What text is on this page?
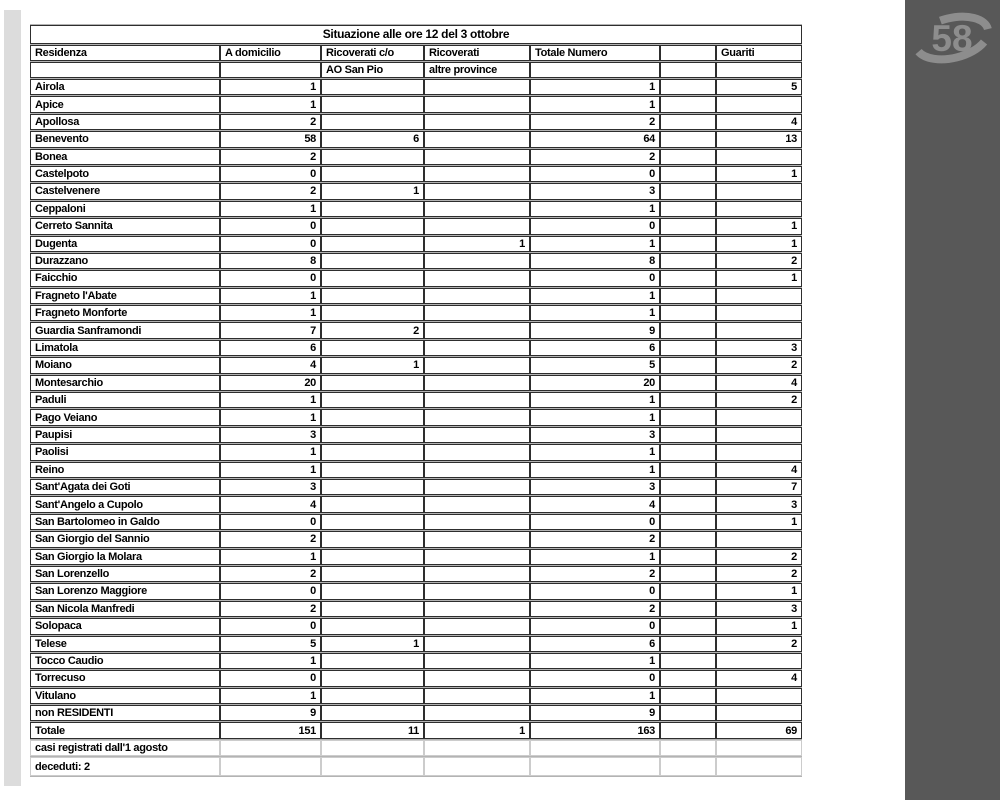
Situazione alle ore 12 del 3 ottobre						
Residenza	A domicilio	Ricoverati c/o	Ricoverati	Totale Numero		Guariti
		AO San Pio	altre province			
Airola	1			1		5
Apice	1			1		
Apollosa	2			2		4
Benevento	58	6		64		13
Bonea	2			2		
Castelpoto	0			0		1
Castelvenere	2	1		3		
Ceppaloni	1			1		
Cerreto Sannita	0			0		1
Dugenta	0		1	1		1
Durazzano	8			8		2
Faicchio	0			0		1
Fragneto l'Abate	1			1		
Fragneto Monforte	1			1		
Guardia Sanframondi	7	2		9		
Limatola	6			6		3
Moiano	4	1		5		2
Montesarchio	20			20		4
Paduli	1			1		2
Pago Veiano	1			1		
Paupisi	3			3		
Paolisi	1			1		
Reino	1			1		4
Sant'Agata dei Goti	3			3		7
Sant'Angelo a Cupolo	4			4		3
San Bartolomeo in Galdo	0			0		1
San Giorgio del Sannio	2			2		
San Giorgio la Molara	1			1		2
San Lorenzello	2			2		2
San Lorenzo Maggiore	0			0		1
San Nicola Manfredi	2			2		3
Solopaca	0			0		1
Telese	5	1		6		2
Tocco Caudio	1			1		
Torrecuso	0			0		4
Vitulano	1			1		
non RESIDENTI	9			9		
Totale	151	11	1	163		69
casi registrati dall'1 agosto						
deceduti: 2						
58
